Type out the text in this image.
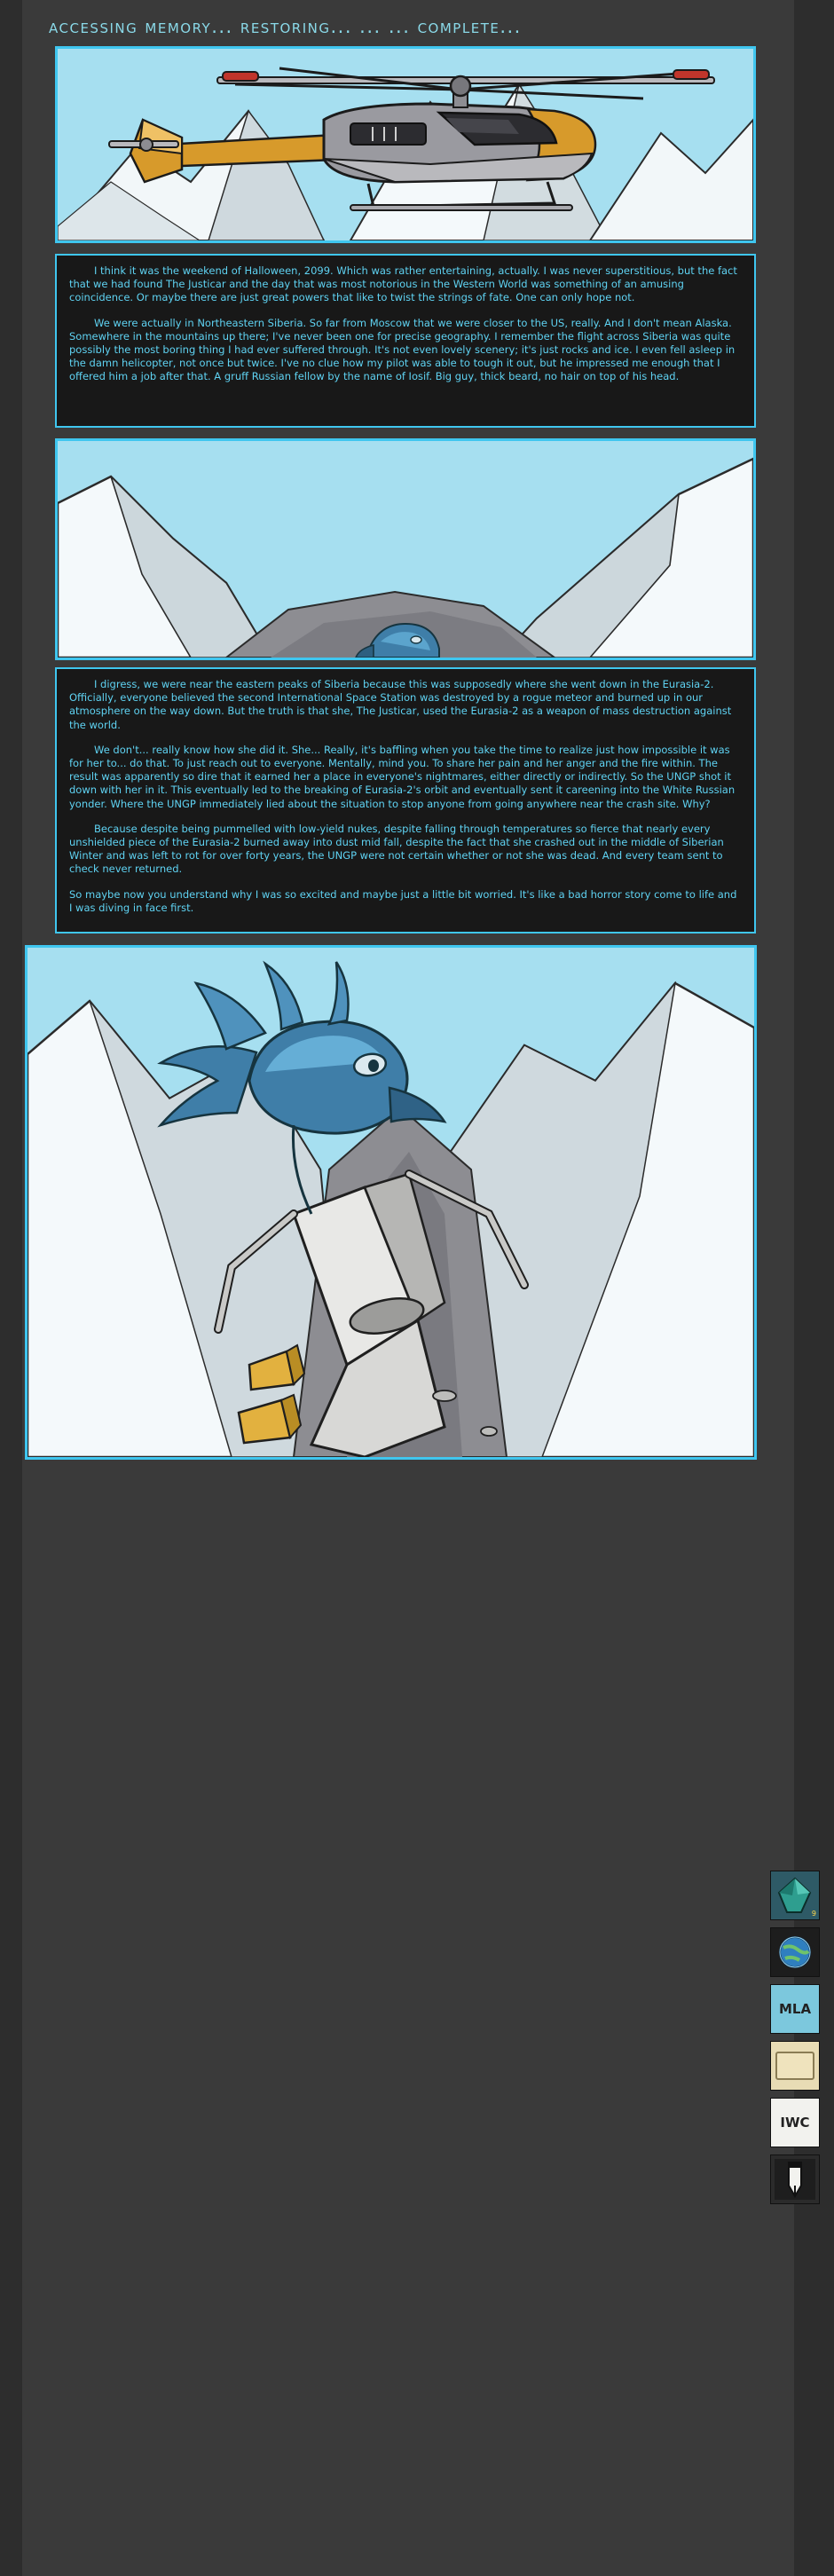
accessing memory... restoring... ... ... complete...

I think it was the weekend of Halloween, 2099. Which was rather entertaining, actually. I was never superstitious, but the fact that we had found The Justicar and the day that was most notorious in the Western World was something of an amusing coincidence. Or maybe there are just great powers that like to twist the strings of fate. One can only hope not.

We were actually in Northeastern Siberia. So far from Moscow that we were closer to the US, really. And I don't mean Alaska. Somewhere in the mountains up there; I've never been one for precise geography. I remember the flight across Siberia was quite possibly the most boring thing I had ever suffered through. It's not even lovely scenery; it's just rocks and ice. I even fell asleep in the damn helicopter, not once but twice. I've no clue how my pilot was able to tough it out, but he impressed me enough that I offered him a job after that. A gruff Russian fellow by the name of Iosif. Big guy, thick beard, no hair on top of his head.

I digress, we were near the eastern peaks of Siberia because this was supposedly where she went down in the Eurasia-2. Officially, everyone believed the second International Space Station was destroyed by a rogue meteor and burned up in our atmosphere on the way down. But the truth is that she, The Justicar, used the Eurasia-2 as a weapon of mass destruction against the world.

We don't... really know how she did it. She... Really, it's baffling when you take the time to realize just how impossible it was for her to... do that. To just reach out to everyone. Mentally, mind you. To share her pain and her anger and the fire within. The result was apparently so dire that it earned her a place in everyone's nightmares, either directly or indirectly. So the UNGP shot it down with her in it. This eventually led to the breaking of Eurasia-2's orbit and eventually sent it careening into the White Russian yonder. Where the UNGP immediately lied about the situation to stop anyone from going anywhere near the crash site. Why?

Because despite being pummelled with low-yield nukes, despite falling through temperatures so fierce that nearly every unshielded piece of the Eurasia-2 burned away into dust mid fall, despite the fact that she crashed out in the middle of Siberian Winter and was left to rot for over forty years, the UNGP were not certain whether or not she was dead. And every team sent to check never returned.

So maybe now you understand why I was so excited and maybe just a little bit worried. It's like a bad horror story come to life and I was diving in face first.

9
MLA
IWC
